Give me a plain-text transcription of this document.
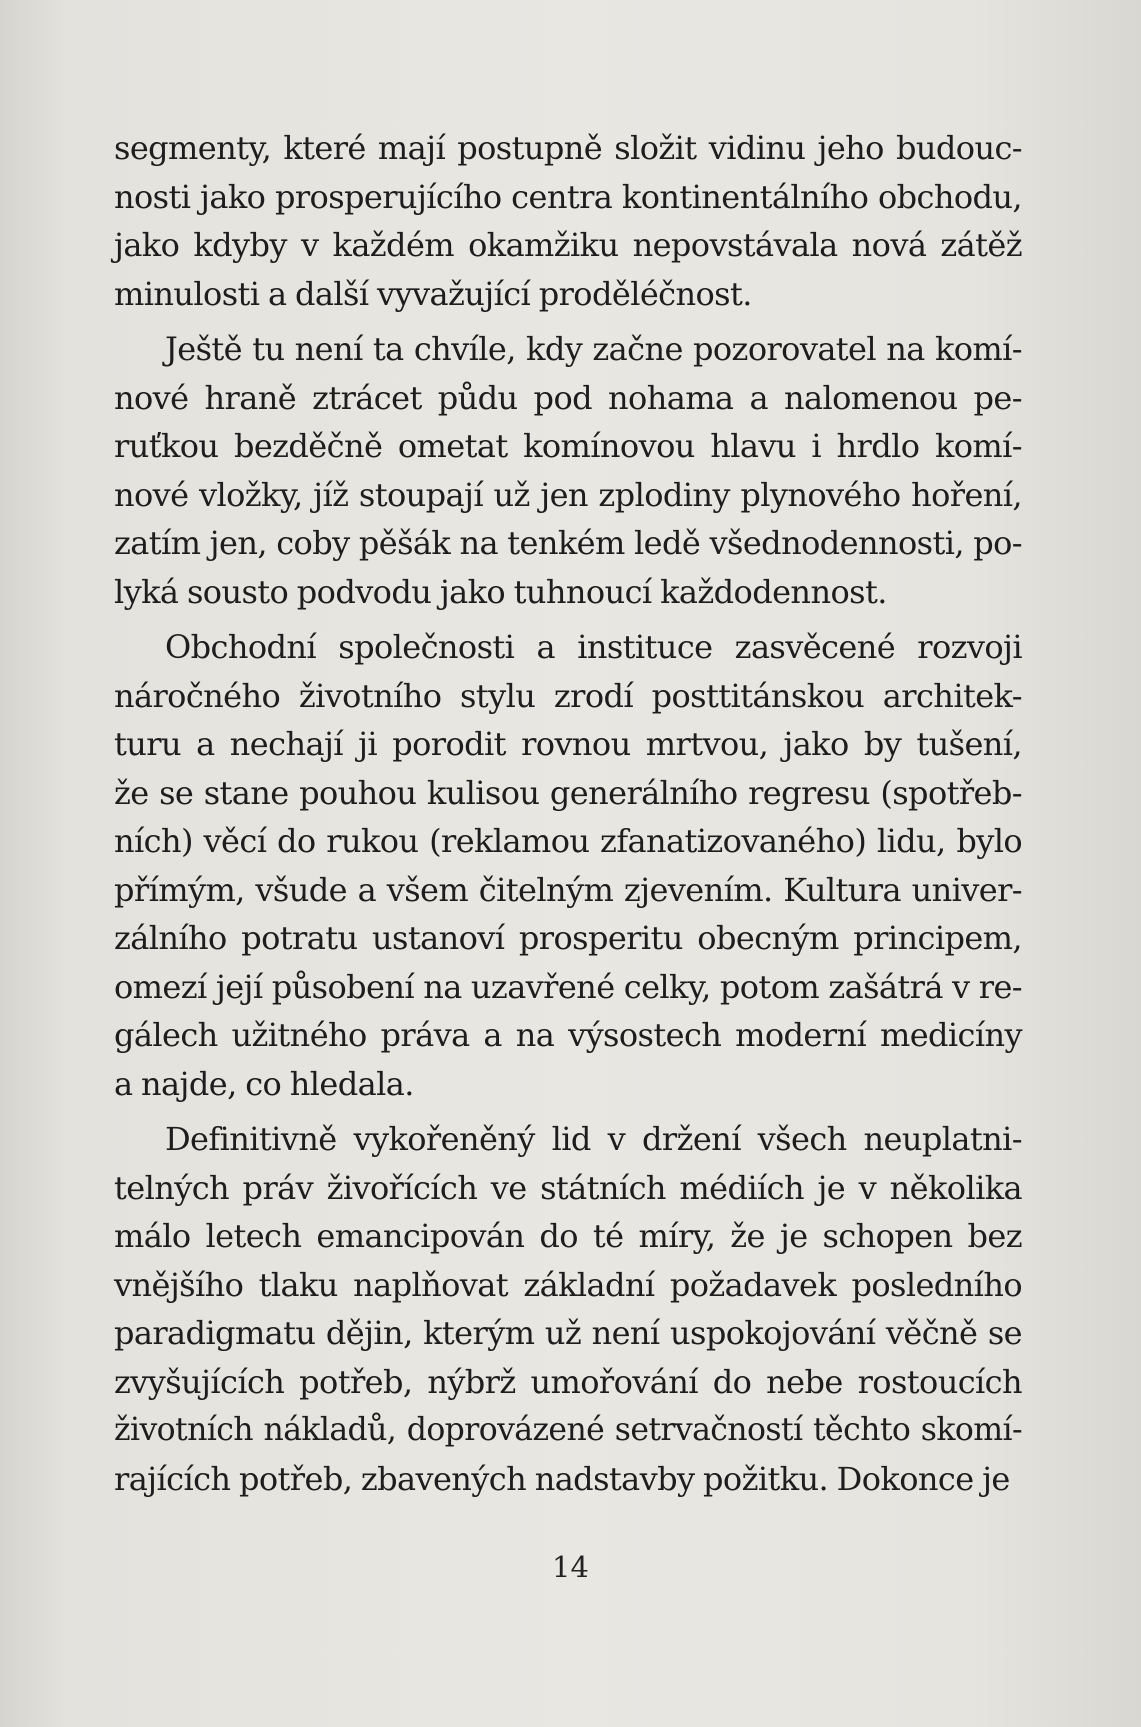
segmenty, které mají postupně složit vidinu jeho budouc-
nosti jako prosperujícího centra kontinentálního obchodu,
jako kdyby v každém okamžiku nepovstávala nová zátěž
minulosti a další vyvažující proděléčnost.
Ještě tu není ta chvíle, kdy začne pozorovatel na komí-
nové hraně ztrácet půdu pod nohama a nalomenou pe-
ruťkou bezděčně ometat komínovou hlavu i hrdlo komí-
nové vložky, jíž stoupají už jen zplodiny plynového hoření,
zatím jen, coby pěšák na tenkém ledě všednodennosti, po-
lyká sousto podvodu jako tuhnoucí každodennost.
Obchodní společnosti a instituce zasvěcené rozvoji
náročného životního stylu zrodí posttitánskou architek-
turu a nechají ji porodit rovnou mrtvou, jako by tušení,
že se stane pouhou kulisou generálního regresu (spotřeb-
ních) věcí do rukou (reklamou zfanatizovaného) lidu, bylo
přímým, všude a všem čitelným zjevením. Kultura univer-
zálního potratu ustanoví prosperitu obecným principem,
omezí její působení na uzavřené celky, potom zašátrá v re-
gálech užitného práva a na výsostech moderní medicíny
a najde, co hledala.
Definitivně vykořeněný lid v držení všech neuplatni-
telných práv živořících ve státních médiích je v několika
málo letech emancipován do té míry, že je schopen bez
vnějšího tlaku naplňovat základní požadavek posledního
paradigmatu dějin, kterým už není uspokojování věčně se
zvyšujících potřeb, nýbrž umořování do nebe rostoucích
životních nákladů, doprovázené setrvačností těchto skomí-
rajících potřeb, zbavených nadstavby požitku. Dokonce je
14
